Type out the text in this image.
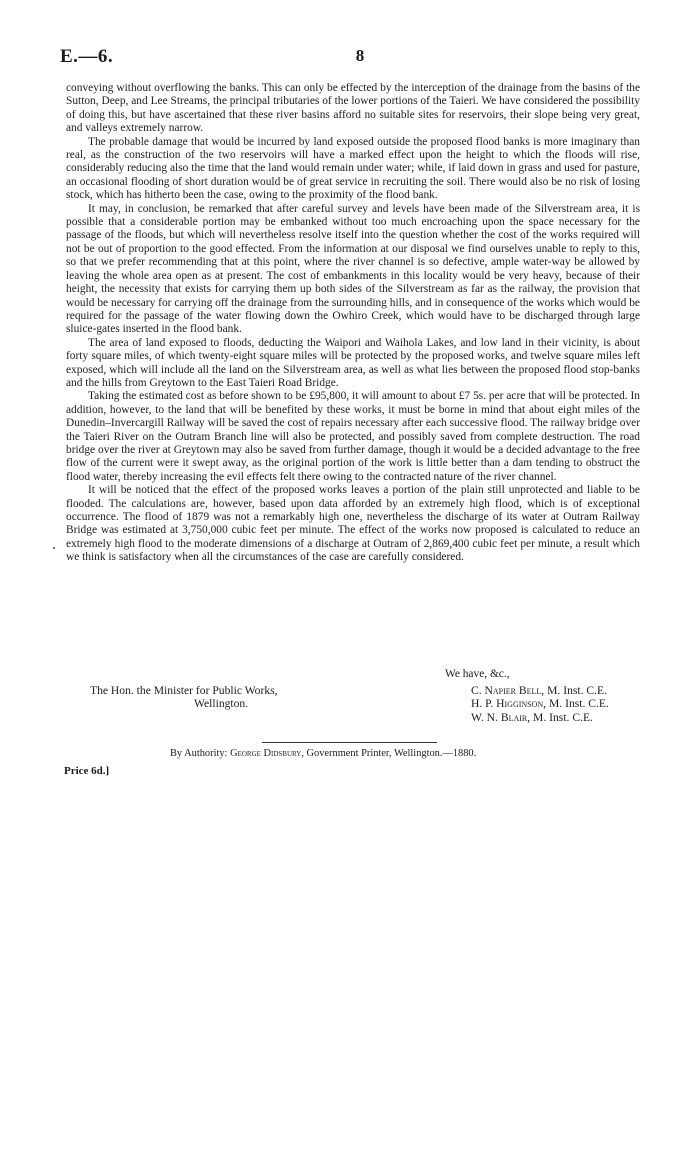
E.—6.	8

conveying without overflowing the banks. This can only be effected by the interception of the drainage from the basins of the Sutton, Deep, and Lee Streams, the principal tributaries of the lower portions of the Taieri. We have considered the possibility of doing this, but have ascertained that these river basins afford no suitable sites for reservoirs, their slope being very great, and valleys extremely narrow.

The probable damage that would be incurred by land exposed outside the proposed flood banks is more imaginary than real, as the construction of the two reservoirs will have a marked effect upon the height to which the floods will rise, considerably reducing also the time that the land would remain under water; while, if laid down in grass and used for pasture, an occasional flooding of short duration would be of great service in recruiting the soil. There would also be no risk of losing stock, which has hitherto been the case, owing to the proximity of the flood bank.

It may, in conclusion, be remarked that after careful survey and levels have been made of the Silverstream area, it is possible that a considerable portion may be embanked without too much encroaching upon the space necessary for the passage of the floods, but which will nevertheless resolve itself into the question whether the cost of the works required will not be out of proportion to the good effected. From the information at our disposal we find ourselves unable to reply to this, so that we prefer recommending that at this point, where the river channel is so defective, ample water-way be allowed by leaving the whole area open as at present. The cost of embankments in this locality would be very heavy, because of their height, the necessity that exists for carrying them up both sides of the Silverstream as far as the railway, the provision that would be necessary for carrying off the drainage from the surrounding hills, and in consequence of the works which would be required for the passage of the water flowing down the Owhiro Creek, which would have to be discharged through large sluice-gates inserted in the flood bank.

The area of land exposed to floods, deducting the Waipori and Waihola Lakes, and low land in their vicinity, is about forty square miles, of which twenty-eight square miles will be protected by the proposed works, and twelve square miles left exposed, which will include all the land on the Silverstream area, as well as what lies between the proposed flood stop-banks and the hills from Greytown to the East Taieri Road Bridge.

Taking the estimated cost as before shown to be £95,800, it will amount to about £7 5s. per acre that will be protected. In addition, however, to the land that will be benefited by these works, it must be borne in mind that about eight miles of the Dunedin–Invercargill Railway will be saved the cost of repairs necessary after each successive flood. The railway bridge over the Taieri River on the Outram Branch line will also be protected, and possibly saved from complete destruction. The road bridge over the river at Greytown may also be saved from further damage, though it would be a decided advantage to the free flow of the current were it swept away, as the original portion of the work is little better than a dam tending to obstruct the flood water, thereby increasing the evil effects felt there owing to the contracted nature of the river channel.

It will be noticed that the effect of the proposed works leaves a portion of the plain still unprotected and liable to be flooded. The calculations are, however, based upon data afforded by an extremely high flood, which is of exceptional occurrence. The flood of 1879 was not a remarkably high one, nevertheless the discharge of its water at Outram Railway Bridge was estimated at 3,750,000 cubic feet per minute. The effect of the works now proposed is calculated to reduce an extremely high flood to the moderate dimensions of a discharge at Outram of 2,869,400 cubic feet per minute, a result which we think is satisfactory when all the circumstances of the case are carefully considered.

We have, &c.,
The Hon. the Minister for Public Works,
Wellington.
C. Napier Bell, M. Inst. C.E.
H. P. Higginson, M. Inst. C.E.
W. N. Blair, M. Inst. C.E.
By Authority: George Didsbury, Government Printer, Wellington.—1880.
Price 6d.]
